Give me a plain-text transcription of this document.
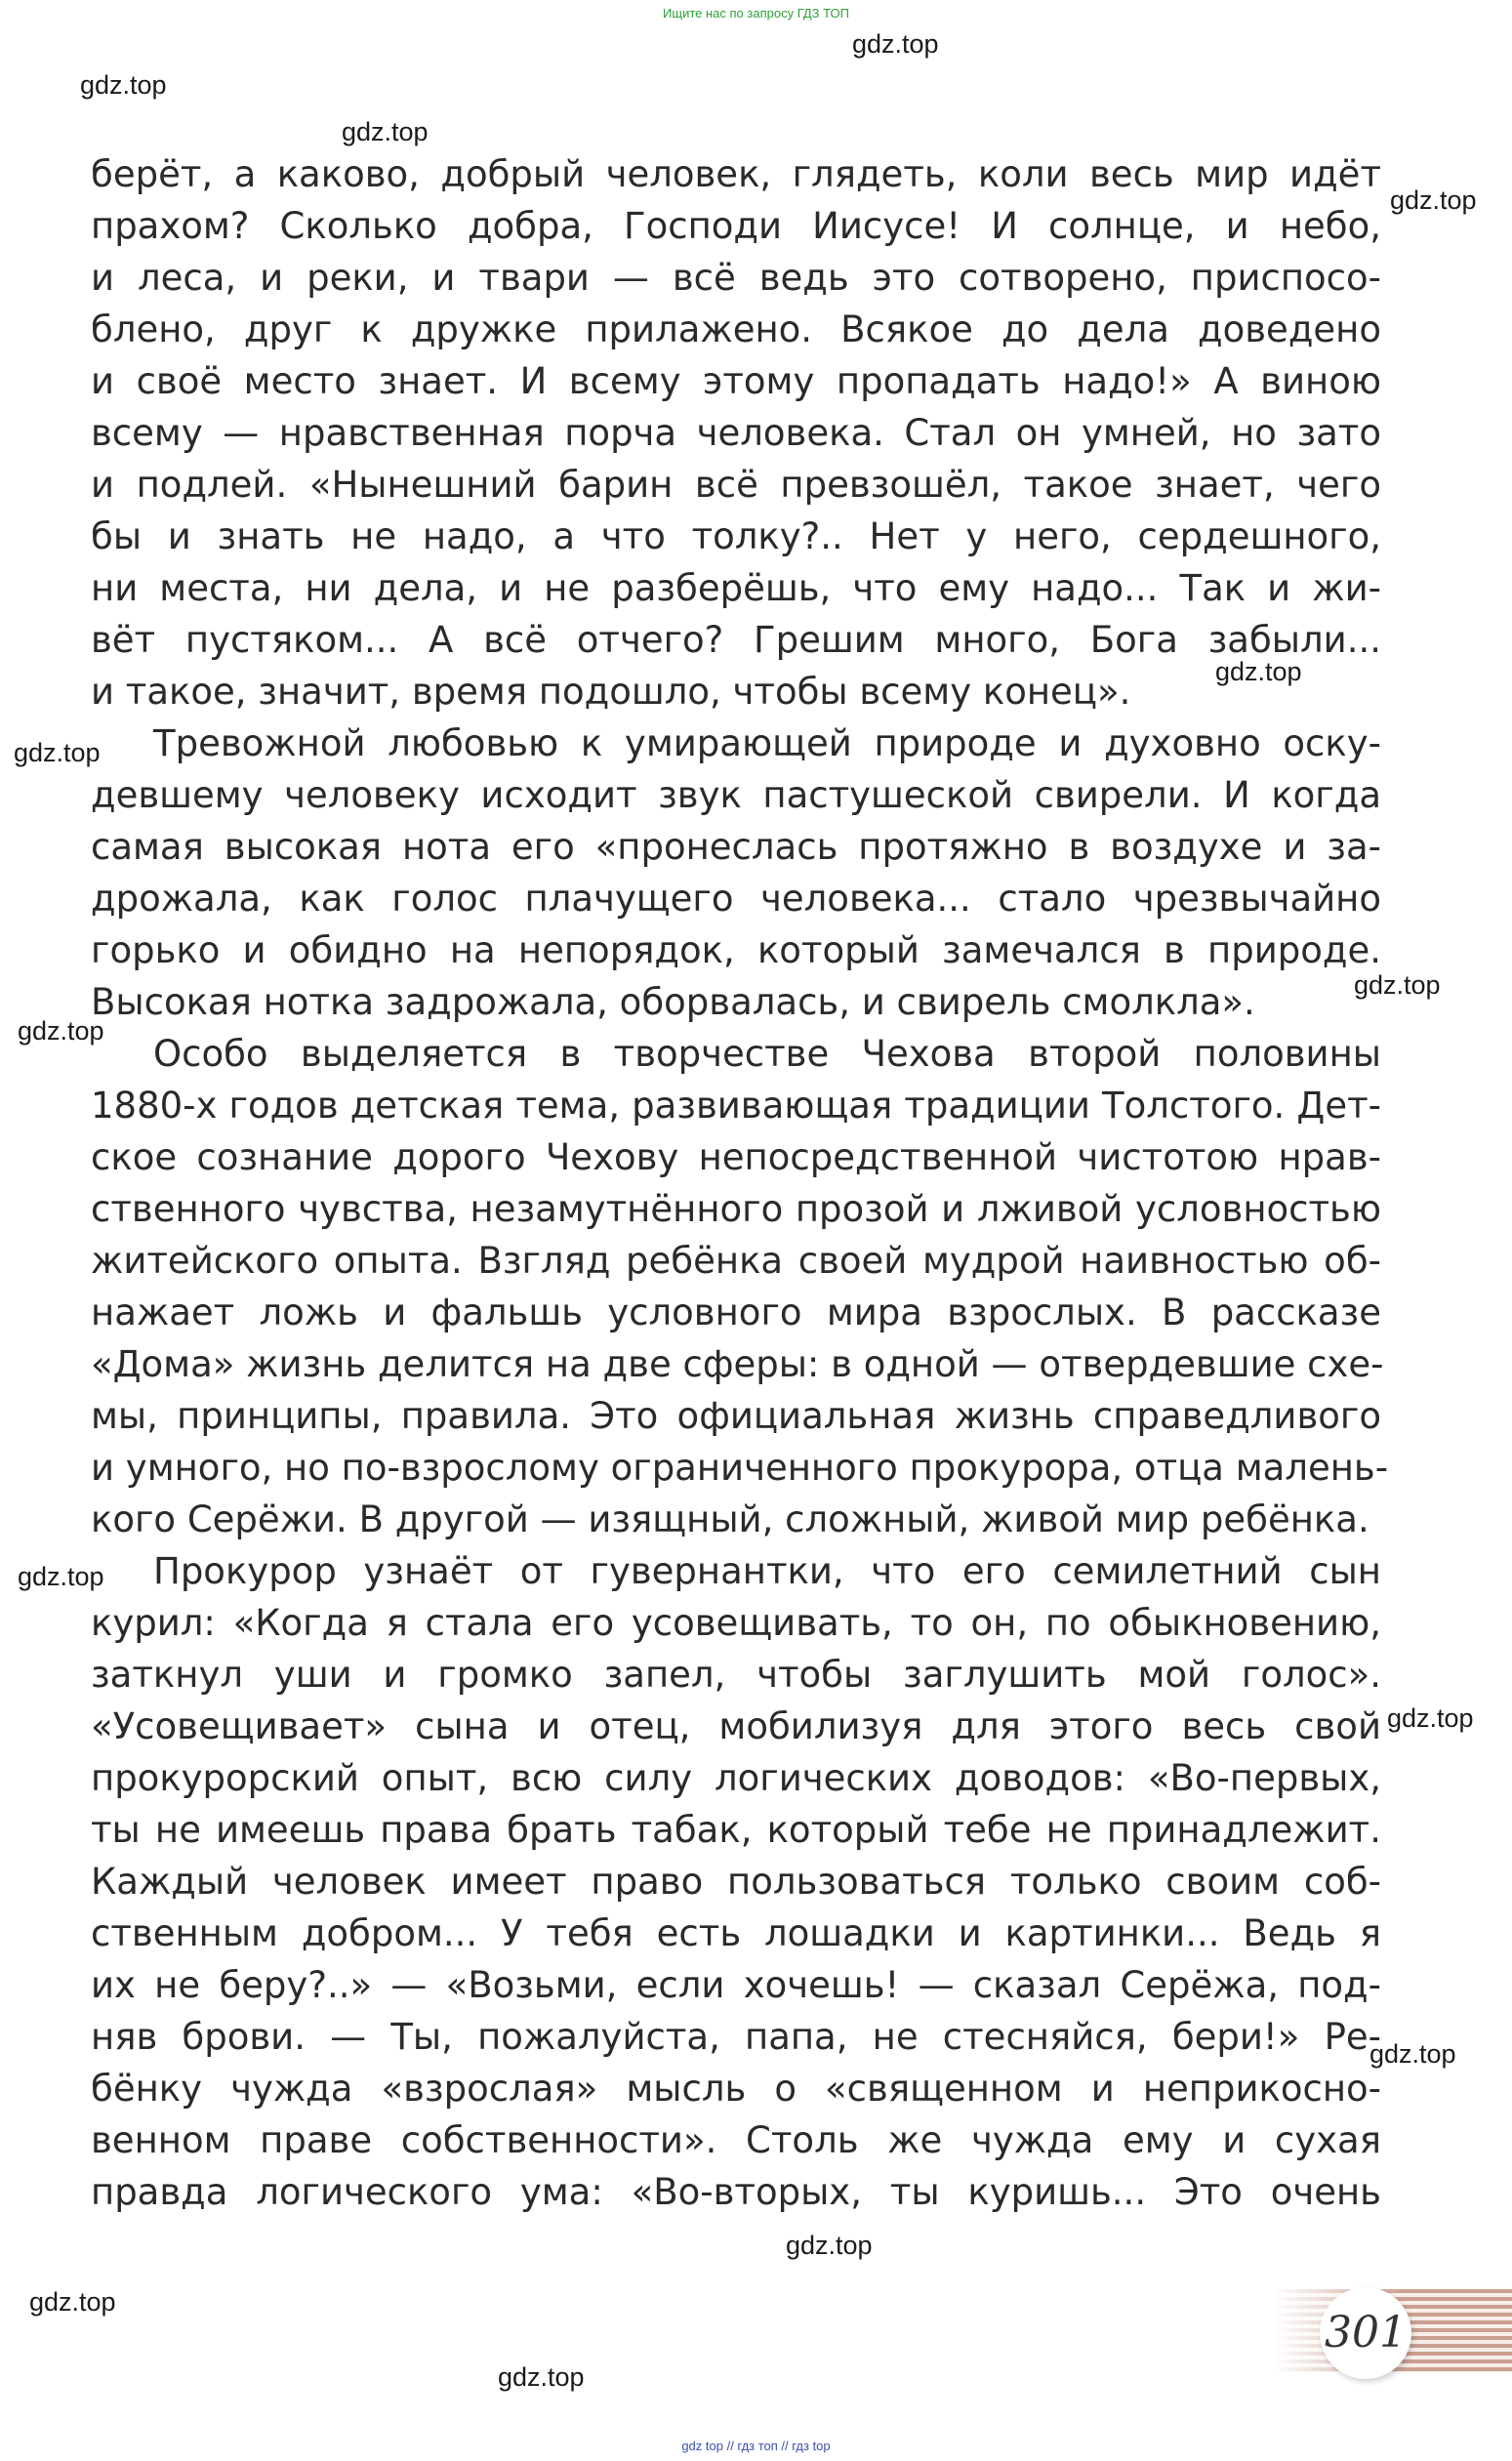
Ищите нас по запросу ГДЗ ТОП
gdz.top
gdz.top
gdz.top
gdz.top
gdz.top
gdz.top
gdz.top
gdz.top
gdz.top
gdz.top
gdz.top
gdz.top
gdz.top
gdz.top
берёт, а каково, добрый человек, глядеть, коли весь мир идёт
прахом? Сколько добра, Господи Иисусе! И солнце, и небо,
и леса, и реки, и твари — всё ведь это сотворено, приспосо-
блено, друг к дружке прилажено. Всякое до дела доведено
и своё место знает. И всему этому пропадать надо!» А виною
всему — нравственная порча человека. Стал он умней, но зато
и подлей. «Нынешний барин всё превзошёл, такое знает, чего
бы и знать не надо, а что толку?.. Нет у него, сердешного,
ни места, ни дела, и не разберёшь, что ему надо... Так и жи-
вёт пустяком... А всё отчего? Грешим много, Бога забыли...
и такое, значит, время подошло, чтобы всему конец».
Тревожной любовью к умирающей природе и духовно оску-
девшему человеку исходит звук пастушеской свирели. И когда
самая высокая нота его «пронеслась протяжно в воздухе и за-
дрожала, как голос плачущего человека... стало чрезвычайно
горько и обидно на непорядок, который замечался в природе.
Высокая нотка задрожала, оборвалась, и свирель смолкла».
Особо выделяется в творчестве Чехова второй половины
1880-х годов детская тема, развивающая традиции Толстого. Дет-
ское сознание дорого Чехову непосредственной чистотою нрав-
ственного чувства, незамутнённого прозой и лживой условностью
житейского опыта. Взгляд ребёнка своей мудрой наивностью об-
нажает ложь и фальшь условного мира взрослых. В рассказе
«Дома» жизнь делится на две сферы: в одной — отвердевшие схе-
мы, принципы, правила. Это официальная жизнь справедливого
и умного, но по-взрослому ограниченного прокурора, отца малень-
кого Серёжи. В другой — изящный, сложный, живой мир ребёнка.
Прокурор узнаёт от гувернантки, что его семилетний сын
курил: «Когда я стала его усовещивать, то он, по обыкновению,
заткнул уши и громко запел, чтобы заглушить мой голос».
«Усовещивает» сына и отец, мобилизуя для этого весь свой
прокурорский опыт, всю силу логических доводов: «Во-первых,
ты не имеешь права брать табак, который тебе не принадлежит.
Каждый человек имеет право пользоваться только своим соб-
ственным добром... У тебя есть лошадки и картинки... Ведь я
их не беру?..» — «Возьми, если хочешь! — сказал Серёжа, под-
няв брови. — Ты, пожалуйста, папа, не стесняйся, бери!» Ре-
бёнку чужда «взрослая» мысль о «священном и неприкосно-
венном праве собственности». Столь же чужда ему и сухая
правда логического ума: «Во-вторых, ты куришь... Это очень
301
gdz top // гдз топ // гдз top
